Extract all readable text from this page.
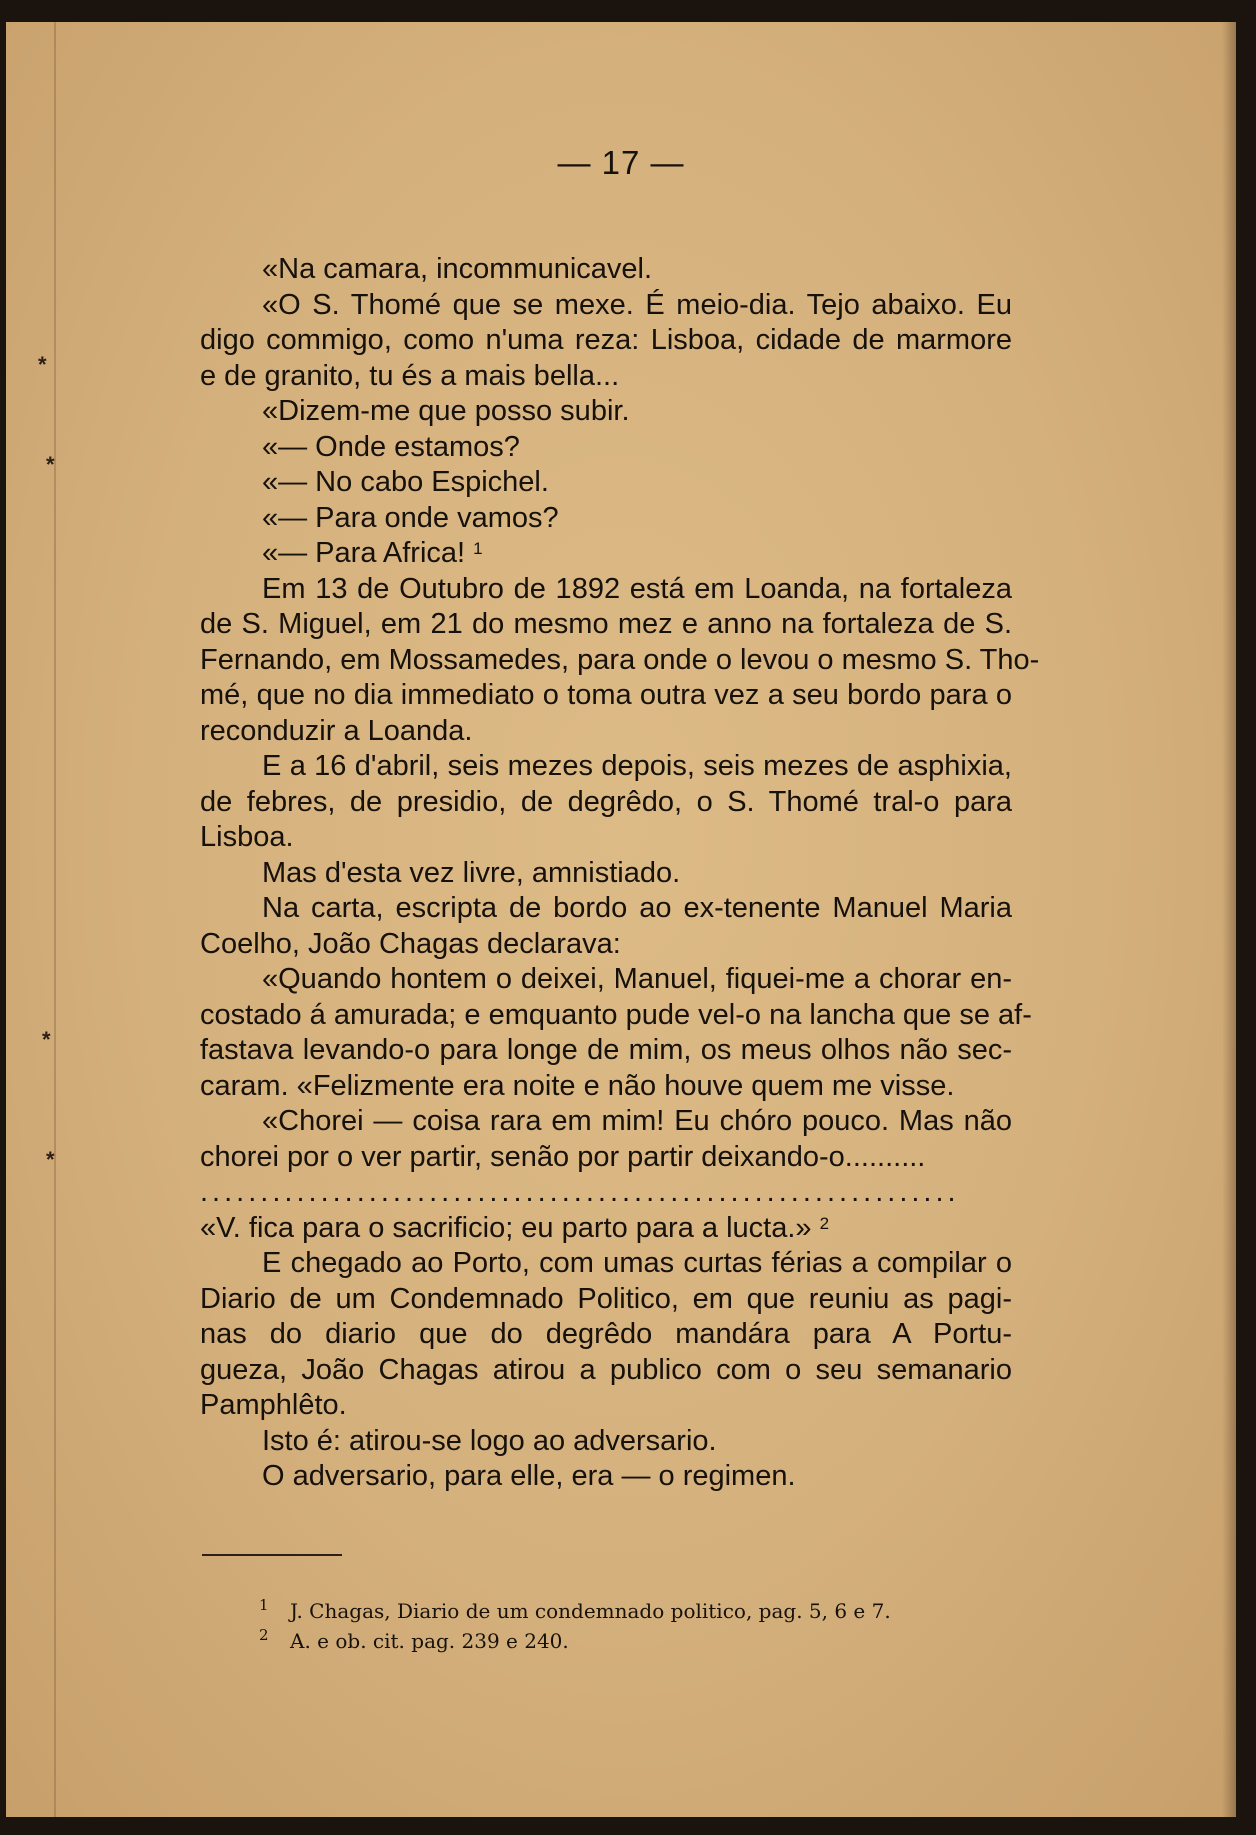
*
*
*
*
— 17 —
«Na camara, incommunicavel.
«O S. Thomé que se mexe. É meio-dia. Tejo abaixo. Eu
digo commigo, como n'uma reza: Lisboa, cidade de marmore
e de granito, tu és a mais bella...
«Dizem-me que posso subir.
«— Onde estamos?
«— No cabo Espichel.
«— Para onde vamos?
«— Para Africa! $^1$
Em 13 de Outubro de 1892 está em Loanda, na fortaleza
de S. Miguel, em 21 do mesmo mez e anno na fortaleza de S.
Fernando, em Mossamedes, para onde o levou o mesmo S. Tho-
mé, que no dia immediato o toma outra vez a seu bordo para o
reconduzir a Loanda.
E a 16 d'abril, seis mezes depois, seis mezes de asphixia,
de febres, de presidio, de degrêdo, o S. Thomé tral-o para
Lisboa.
Mas d'esta vez livre, amnistiado.
Na carta, escripta de bordo ao ex-tenente Manuel Maria
Coelho, João Chagas declarava:
«Quando hontem o deixei, Manuel, fiquei-me a chorar en-
costado á amurada; e emquanto pude vel-o na lancha que se af-
fastava levando-o para longe de mim, os meus olhos não sec-
caram. «Felizmente era noite e não houve quem me visse.
«Chorei — coisa rara em mim! Eu chóro pouco. Mas não
chorei por o ver partir, senão por partir deixando-o..........
...............................................................
«V. fica para o sacrificio; eu parto para a lucta.» $^2$
E chegado ao Porto, com umas curtas férias a compilar o
Diario de um Condemnado Politico, em que reuniu as pagi-
nas do diario que do degrêdo mandára para A Portu-
gueza, João Chagas atirou a publico com o seu semanario
Pamphlêto.
Isto é: atirou-se logo ao adversario.
O adversario, para elle, era — o regimen.
1 J. Chagas, Diario de um condemnado politico, pag. 5, 6 e 7.
2 A. e ob. cit. pag. 239 e 240.
